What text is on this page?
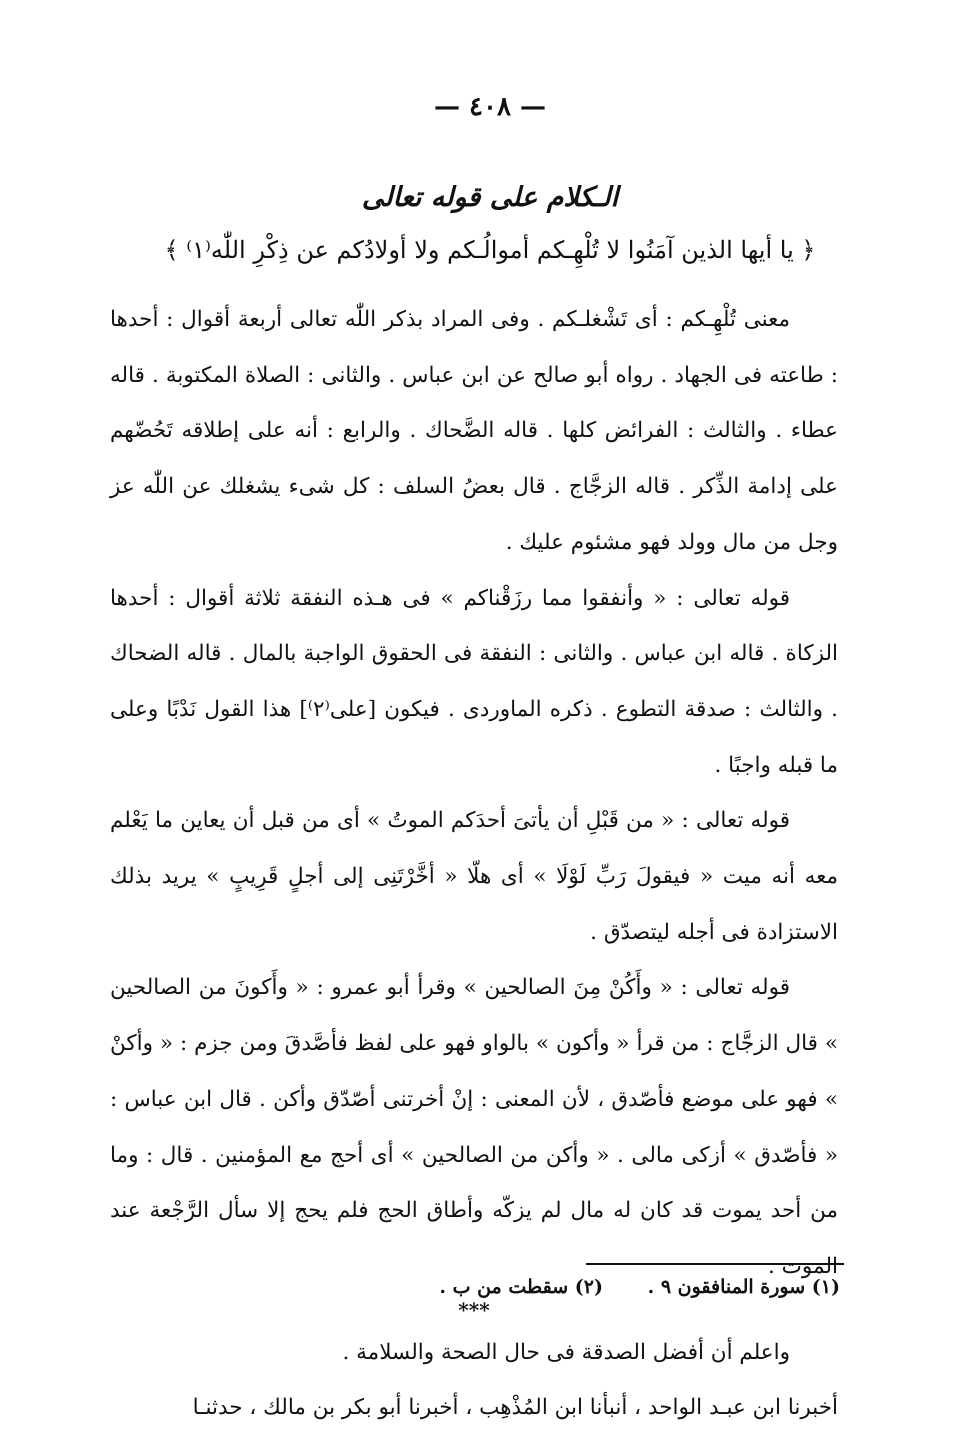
— ٤٠٨ —
الـكلام على قوله تعالى
﴿ يا أيها الذين آمَنُوا لا تُلْهِـكم أموالُـكم ولا أولادُكم عن ذِكْرِ اللّٰه⁽١⁾ ﴾

معنى تُلْهِـكم : أى تَشْغلـكم . وفى المراد بذكر اللّٰه تعالى أربعة أقوال : أحدها : طاعته فى الجهاد . رواه أبو صالح عن ابن عباس . والثانى : الصلاة المكتوبة . قاله عطاء . والثالث : الفرائض كلها . قاله الضَّحاك . والرابع : أنه على إطلاقه تَحُضّهم على إدامة الذِّكر . قاله الزجَّاج . قال بعضُ السلف : كل شىء يشغلك عن اللّٰه عز وجل من مال وولد فهو مشئوم عليك .

قوله تعالى : « وأنفقوا مما رزَقْناكم » فى هـذه النفقة ثلاثة أقوال : أحدها الزكاة . قاله ابن عباس . والثانى : النفقة فى الحقوق الواجبة بالمال . قاله الضحاك . والثالث : صدقة التطوع . ذكره الماوردى . فيكون [على⁽٢⁾] هذا القول نَدْبًا وعلى ما قبله واجبًا .

قوله تعالى : « من قَبْلِ أن يأتىَ أحدَكم الموتُ » أى من قبل أن يعاين ما يَعْلم معه أنه ميت « فيقولَ رَبِّ لَوْلَا » أى هلّا « أخَّرْتَنِى إلى أجلٍ قَرِيبٍ » يريد بذلك الاستزادة فى أجله ليتصدّق .

قوله تعالى : « وأَكُنْ مِنَ الصالحين » وقرأ أبو عمرو : « وأَكونَ من الصالحين » قال الزجَّاج : من قرأ « وأكون » بالواو فهو على لفظ فأصَّدقَ ومن جزم : « وأكنْ » فهو على موضع فأصّدق ، لأن المعنى : إنْ أخرتنى أصّدّق وأكن . قال ابن عباس : « فأصّدق » أزكى مالى . « وأكن من الصالحين » أى أحج مع المؤمنين . قال : وما من أحد يموت قد كان له مال لم يزكّه وأطاق الحج فلم يحج إلا سأل الرَّجْعة عند الموت .

***

واعلم أن أفضل الصدقة فى حال الصحة والسلامة .

أخبرنا ابن عبـد الواحد ، أنبأنا ابن المُذْهِب ، أخبرنا أبو بكر بن مالك ، حدثنـا

(١) سورة المنافقون ٩ . (٢) سقطت من ب .
